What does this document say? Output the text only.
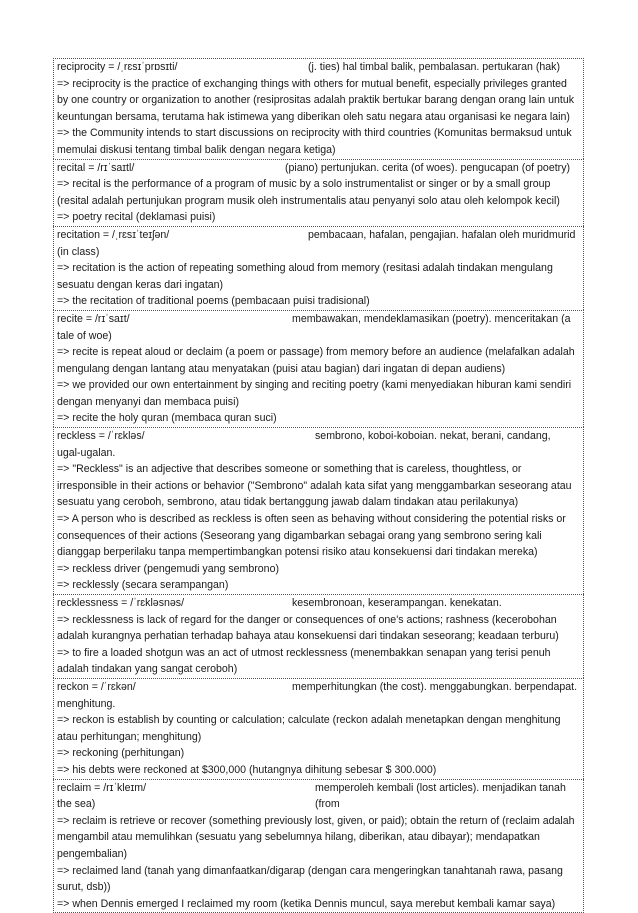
reciprocity = /ˌrɛsɪˈprɒsɪti/	(j. ties) hal timbal balik, pembalasan. pertukaran (hak)
=> reciprocity is the practice of exchanging things with others for mutual benefit, especially privileges granted by one country or organization to another (resiprositas adalah praktik bertukar barang dengan orang lain untuk keuntungan bersama, terutama hak istimewa yang diberikan oleh satu negara atau organisasi ke negara lain)
=> the Community intends to start discussions on reciprocity with third countries (Komunitas bermaksud untuk memulai diskusi tentang timbal balik dengan negara ketiga)
recital = /rɪˈsaɪtl/	(piano) pertunjukan. cerita (of woes). pengucapan (of poetry)
=> recital is the performance of a program of music by a solo instrumentalist or singer or by a small group (resital adalah pertunjukan program musik oleh instrumentalis atau penyanyi solo atau oleh kelompok kecil)
=> poetry recital (deklamasi puisi)
recitation = /ˌrɛsɪˈteɪʃən/	pembacaan, hafalan, pengajian. hafalan oleh muridmurid
(in class)
=> recitation is the action of repeating something aloud from memory (resitasi adalah tindakan mengulang sesuatu dengan keras dari ingatan)
=> the recitation of traditional poems (pembacaan puisi tradisional)
recite = /rɪˈsaɪt/	membawakan, mendeklamasikan (poetry). menceritakan (a
tale of woe)
=> recite is repeat aloud or declaim (a poem or passage) from memory before an audience (melafalkan adalah mengulang dengan lantang atau menyatakan (puisi atau bagian) dari ingatan di depan audiens)
=> we provided our own entertainment by singing and reciting poetry (kami menyediakan hiburan kami sendiri dengan menyanyi dan membaca puisi)
=> recite the holy quran (membaca quran suci)
reckless = /ˈrɛkləs/	sembrono, koboi-koboian. nekat, berani, candang,
ugal-ugalan.
=> "Reckless" is an adjective that describes someone or something that is careless, thoughtless, or irresponsible in their actions or behavior ("Sembrono" adalah kata sifat yang menggambarkan seseorang atau sesuatu yang ceroboh, sembrono, atau tidak bertanggung jawab dalam tindakan atau perilakunya)
=> A person who is described as reckless is often seen as behaving without considering the potential risks or consequences of their actions (Seseorang yang digambarkan sebagai orang yang sembrono sering kali dianggap berperilaku tanpa mempertimbangkan potensi risiko atau konsekuensi dari tindakan mereka)
=> reckless driver (pengemudi yang sembrono)
=> recklessly (secara serampangan)
recklessness = /ˈrɛkləsnəs/	kesembronoan, keserampangan. kenekatan.
=> recklessness is lack of regard for the danger or consequences of one's actions; rashness (kecerobohan adalah kurangnya perhatian terhadap bahaya atau konsekuensi dari tindakan seseorang; keadaan terburu)
=> to fire a loaded shotgun was an act of utmost recklessness (menembakkan senapan yang terisi penuh adalah tindakan yang sangat ceroboh)
reckon = /ˈrɛkən/	memperhitungkan (the cost). menggabungkan. berpendapat.
menghitung.
=> reckon is establish by counting or calculation; calculate (reckon adalah menetapkan dengan menghitung atau perhitungan; menghitung)
=> reckoning (perhitungan)
=> his debts were reckoned at $300,000 (hutangnya dihitung sebesar $ 300.000)
reclaim = /rɪˈkleɪm/	memperoleh kembali (lost articles). menjadikan tanah (from
the sea)
=> reclaim is retrieve or recover (something previously lost, given, or paid); obtain the return of (reclaim adalah mengambil atau memulihkan (sesuatu yang sebelumnya hilang, diberikan, atau dibayar); mendapatkan pengembalian)
=> reclaimed land (tanah yang dimanfaatkan/digarap (dengan cara mengeringkan tanahtanah rawa, pasang surut, dsb))
=> when Dennis emerged I reclaimed my room (ketika Dennis muncul, saya merebut kembali kamar saya)
